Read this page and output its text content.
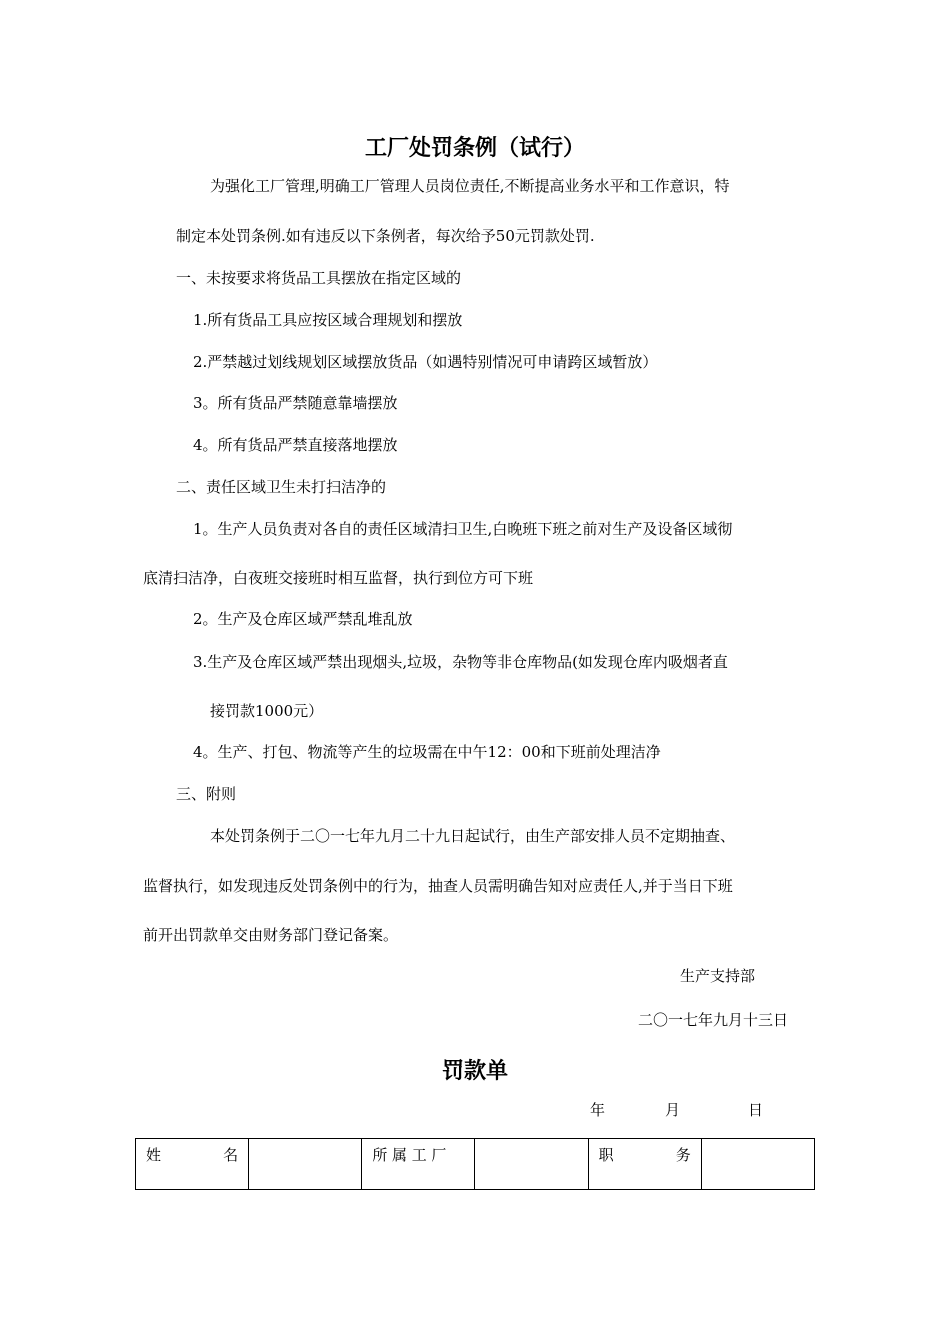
工厂处罚条例（试行）
为强化工厂管理,明确工厂管理人员岗位责任,不断提高业务水平和工作意识，特
制定本处罚条例.如有违反以下条例者，每次给予50元罚款处罚.
一、未按要求将货品工具摆放在指定区域的
1.所有货品工具应按区域合理规划和摆放
2.严禁越过划线规划区域摆放货品（如遇特别情况可申请跨区域暂放）
3。所有货品严禁随意靠墙摆放
4。所有货品严禁直接落地摆放
二、责任区域卫生未打扫洁净的
1。生产人员负责对各自的责任区域清扫卫生,白晚班下班之前对生产及设备区域彻
底清扫洁净，白夜班交接班时相互监督，执行到位方可下班
2。生产及仓库区域严禁乱堆乱放
3.生产及仓库区域严禁出现烟头,垃圾，杂物等非仓库物品(如发现仓库内吸烟者直
接罚款1000元）
4。生产、打包、物流等产生的垃圾需在中午12：00和下班前处理洁净
三、附则
本处罚条例于二〇一七年九月二十九日起试行，由生产部安排人员不定期抽查、
监督执行，如发现违反处罚条例中的行为，抽查人员需明确告知对应责任人,并于当日下班
前开出罚款单交由财务部门登记备案。
生产支持部
二〇一七年九月十三日
罚款单
年	月	日
姓	名		所 属 工 厂		职	务
